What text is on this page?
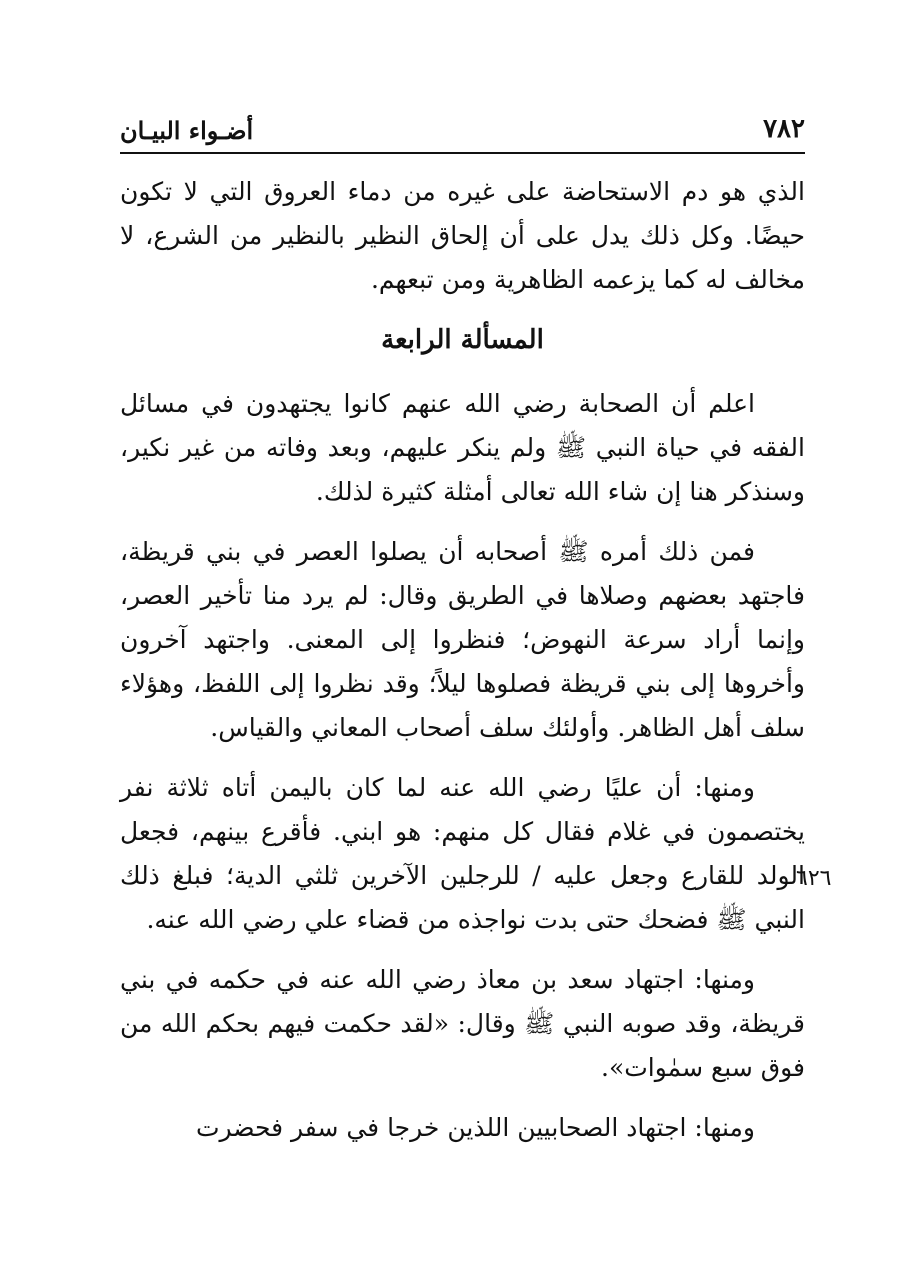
٧٨٢
أضـواء البيـان
٦٢٦

الذي هو دم الاستحاضة على غيره من دماء العروق التي لا تكون حيضًا. وكل ذلك يدل على أن إلحاق النظير بالنظير من الشرع، لا مخالف له كما يزعمه الظاهرية ومن تبعهم.

المسألة الرابعة

اعلم أن الصحابة رضي الله عنهم كانوا يجتهدون في مسائل الفقه في حياة النبي ﷺ ولم ينكر عليهم، وبعد وفاته من غير نكير، وسنذكر هنا إن شاء الله تعالى أمثلة كثيرة لذلك.

فمن ذلك أمره ﷺ أصحابه أن يصلوا العصر في بني قريظة، فاجتهد بعضهم وصلاها في الطريق وقال: لم يرد منا تأخير العصر، وإنما أراد سرعة النهوض؛ فنظروا إلى المعنى. واجتهد آخرون وأخروها إلى بني قريظة فصلوها ليلاً؛ وقد نظروا إلى اللفظ، وهؤلاء سلف أهل الظاهر. وأولئك سلف أصحاب المعاني والقياس.

ومنها: أن عليًا رضي الله عنه لما كان باليمن أتاه ثلاثة نفر يختصمون في غلام فقال كل منهم: هو ابني. فأقرع بينهم، فجعل الولد للقارع وجعل عليه / للرجلين الآخرين ثلثي الدية؛ فبلغ ذلك النبي ﷺ فضحك حتى بدت نواجذه من قضاء علي رضي الله عنه.

ومنها: اجتهاد سعد بن معاذ رضي الله عنه في حكمه في بني قريظة، وقد صوبه النبي ﷺ وقال: «لقد حكمت فيهم بحكم الله من فوق سبع سمٰوات».

ومنها: اجتهاد الصحابيين اللذين خرجا في سفر فحضرت
